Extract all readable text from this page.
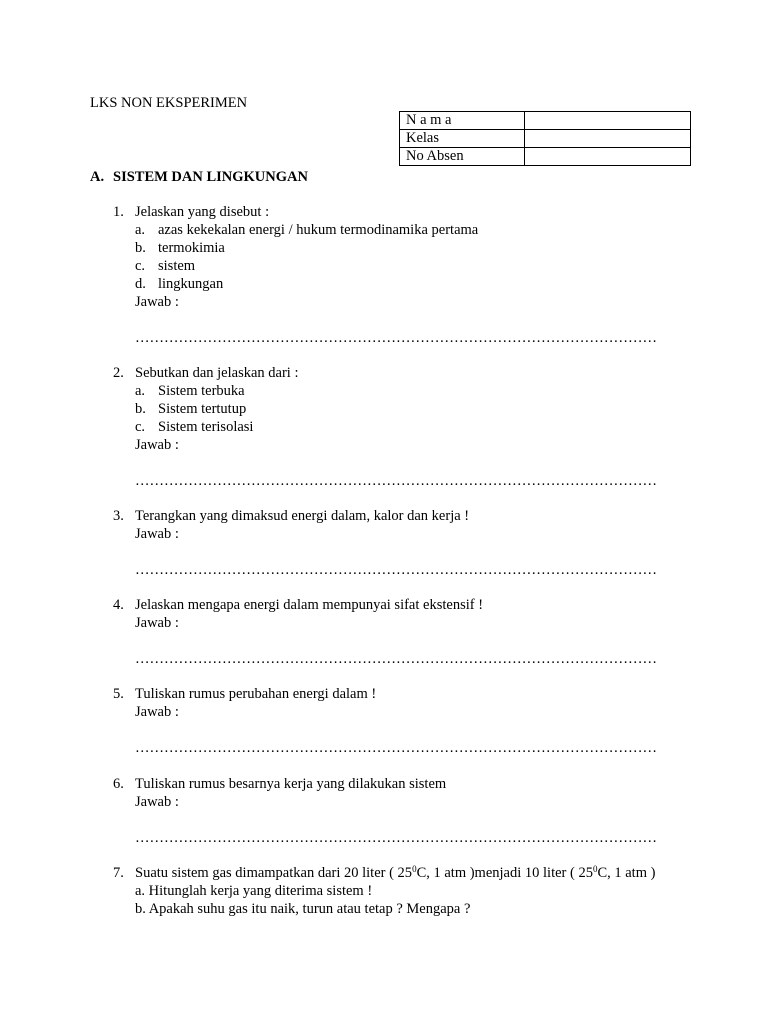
LKS NON EKSPERIMEN
N a m a	
Kelas	
No Absen	
A. SISTEM DAN LINGKUNGAN
1. Jelaskan yang disebut :
a. azas kekekalan energi / hukum termodinamika pertama
b. termokimia
c. sistem
d. lingkungan
Jawab :
………………………………………………………………………………………………
2. Sebutkan dan jelaskan dari :
a. Sistem terbuka
b. Sistem tertutup
c. Sistem terisolasi
Jawab :
………………………………………………………………………………………………
3. Terangkan yang dimaksud energi dalam, kalor dan kerja !
Jawab :
………………………………………………………………………………………………
4. Jelaskan mengapa energi dalam mempunyai sifat ekstensif !
Jawab :
………………………………………………………………………………………………
5. Tuliskan rumus perubahan energi dalam !
Jawab :
………………………………………………………………………………………………
6. Tuliskan rumus besarnya kerja yang dilakukan sistem
Jawab :
………………………………………………………………………………………………
7. Suatu sistem gas dimampatkan dari 20 liter ( $25^0C$, 1 atm )menjadi 10 liter ( $25^0C$, 1 atm )
a. Hitunglah kerja yang diterima sistem !
b. Apakah suhu gas itu naik, turun atau tetap ? Mengapa ?
